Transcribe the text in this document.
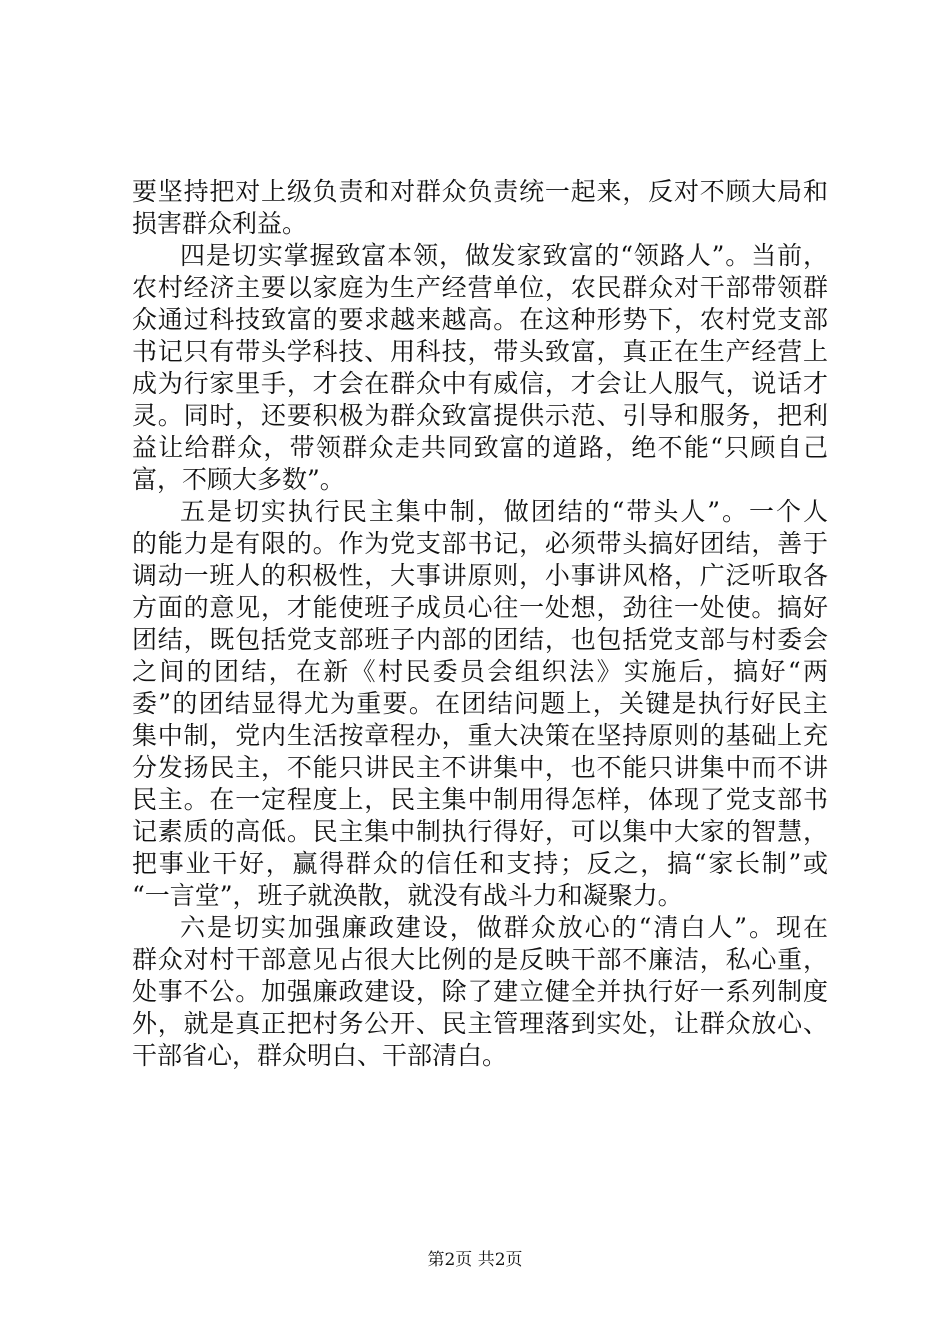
要坚持把对上级负责和对群众负责统一起来，反对不顾大局和
损害群众利益。
四是切实掌握致富本领，做发家致富的“领路人”。当前，
农村经济主要以家庭为生产经营单位，农民群众对干部带领群
众通过科技致富的要求越来越高。在这种形势下，农村党支部
书记只有带头学科技、用科技，带头致富，真正在生产经营上
成为行家里手，才会在群众中有威信，才会让人服气，说话才
灵。同时，还要积极为群众致富提供示范、引导和服务，把利
益让给群众，带领群众走共同致富的道路，绝不能“只顾自己
富，不顾大多数”。
五是切实执行民主集中制，做团结的“带头人”。一个人
的能力是有限的。作为党支部书记，必须带头搞好团结，善于
调动一班人的积极性，大事讲原则，小事讲风格，广泛听取各
方面的意见，才能使班子成员心往一处想，劲往一处使。搞好
团结，既包括党支部班子内部的团结，也包括党支部与村委会
之间的团结，在新《村民委员会组织法》实施后，搞好“两
委”的团结显得尤为重要。在团结问题上，关键是执行好民主
集中制，党内生活按章程办，重大决策在坚持原则的基础上充
分发扬民主，不能只讲民主不讲集中，也不能只讲集中而不讲
民主。在一定程度上，民主集中制用得怎样，体现了党支部书
记素质的高低。民主集中制执行得好，可以集中大家的智慧，
把事业干好，赢得群众的信任和支持；反之，搞“家长制”或
“一言堂”，班子就涣散，就没有战斗力和凝聚力。
六是切实加强廉政建设，做群众放心的“清白人”。现在
群众对村干部意见占很大比例的是反映干部不廉洁，私心重，
处事不公。加强廉政建设，除了建立健全并执行好一系列制度
外，就是真正把村务公开、民主管理落到实处，让群众放心、
干部省心，群众明白、干部清白。
第2页 共2页
